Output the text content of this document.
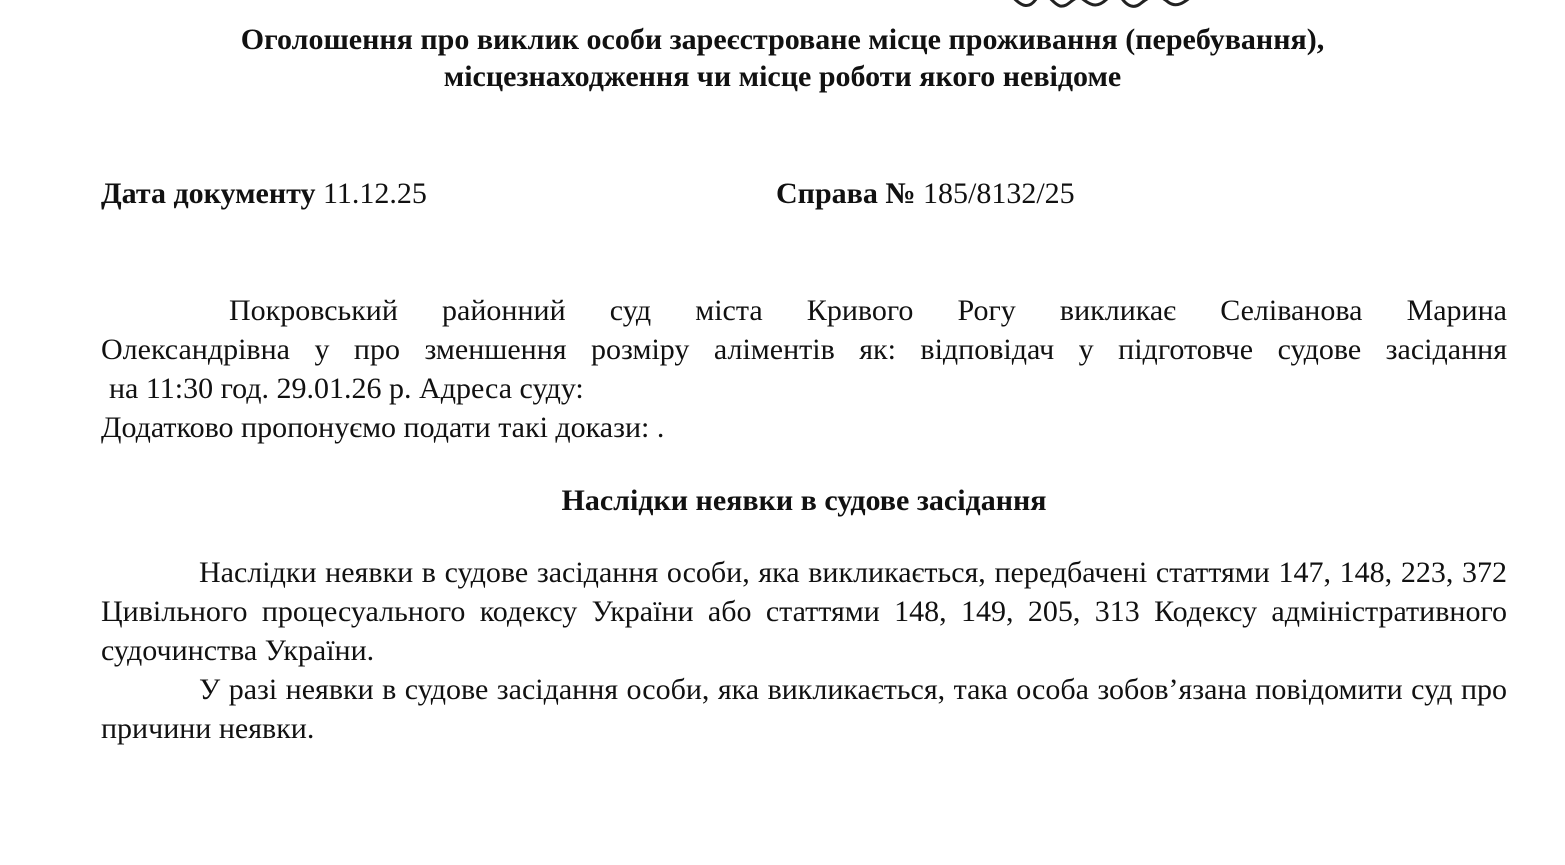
Оголошення про виклик особи зареєстроване місце проживання (перебування),
місцезнаходження чи місце роботи якого невідоме
Дата документу 11.12.25	Справа № 185/8132/25
Покровський районний суд міста Кривого Рогу викликає Селіванова Марина
Олександрівна у про зменшення розміру аліментів як: відповідач у підготовче судове засідання
на 11:30 год. 29.01.26 р. Адреса суду:
Додатково пропонуємо подати такі докази: .
Наслідки неявки в судове засідання
Наслідки неявки в судове засідання особи, яка викликається, передбачені статтями 147, 148, 223, 372 Цивільного процесуального кодексу України або статтями 148, 149, 205, 313 Кодексу адміністративного судочинства України.
У разі неявки в судове засідання особи, яка викликається, така особа зобов’язана повідомити суд про причини неявки.
